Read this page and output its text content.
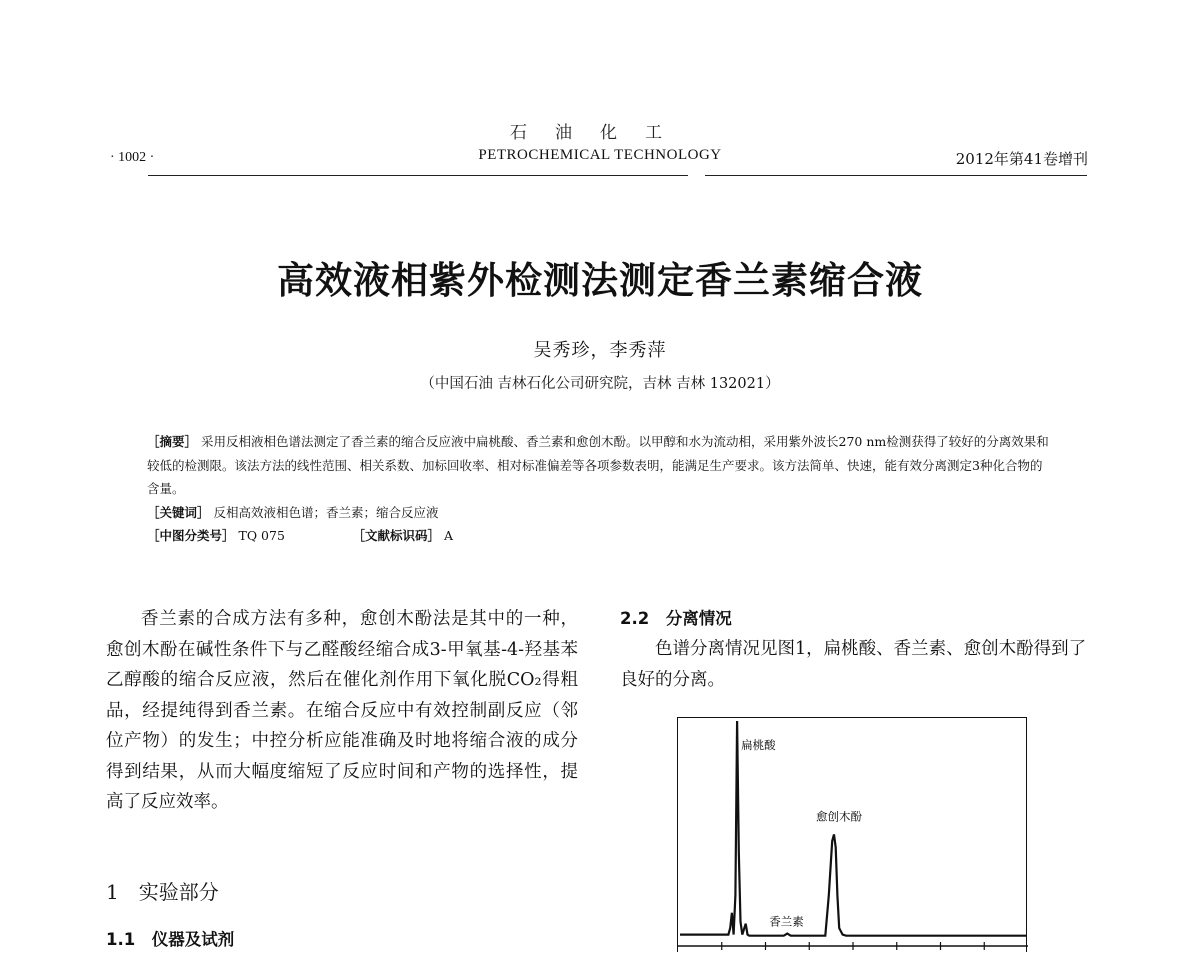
石油化工
· 1002 ·	PETROCHEMICAL TECHNOLOGY	2012年第41卷增刊
高效液相紫外检测法测定香兰素缩合液
吴秀珍，李秀萍
（中国石油 吉林石化公司研究院，吉林 吉林 132021）
［摘要］ 采用反相液相色谱法测定了香兰素的缩合反应液中扁桃酸、香兰素和愈创木酚。以甲醇和水为流动相，采用紫外波长270 nm检测获得了较好的分离效果和较低的检测限。该法方法的线性范围、相关系数、加标回收率、相对标准偏差等各项参数表明，能满足生产要求。该方法简单、快速，能有效分离测定3种化合物的含量。
［关键词］ 反相高效液相色谱；香兰素；缩合反应液
［中图分类号］ TQ 075	［文献标识码］ A
香兰素的合成方法有多种，愈创木酚法是其中的一种，愈创木酚在碱性条件下与乙醛酸经缩合成3-甲氧基-4-羟基苯乙醇酸的缩合反应液，然后在催化剂作用下氧化脱CO₂得粗品，经提纯得到香兰素。在缩合反应中有效控制副反应（邻位产物）的发生；中控分析应能准确及时地将缩合液的成分得到结果，从而大幅度缩短了反应时间和产物的选择性，提高了反应效率。
1　实验部分
1.1　仪器及试剂
2.2　分离情况
色谱分离情况见图1，扁桃酸、香兰素、愈创木酚得到了良好的分离。
扁桃酸
香兰素
愈创木酚
